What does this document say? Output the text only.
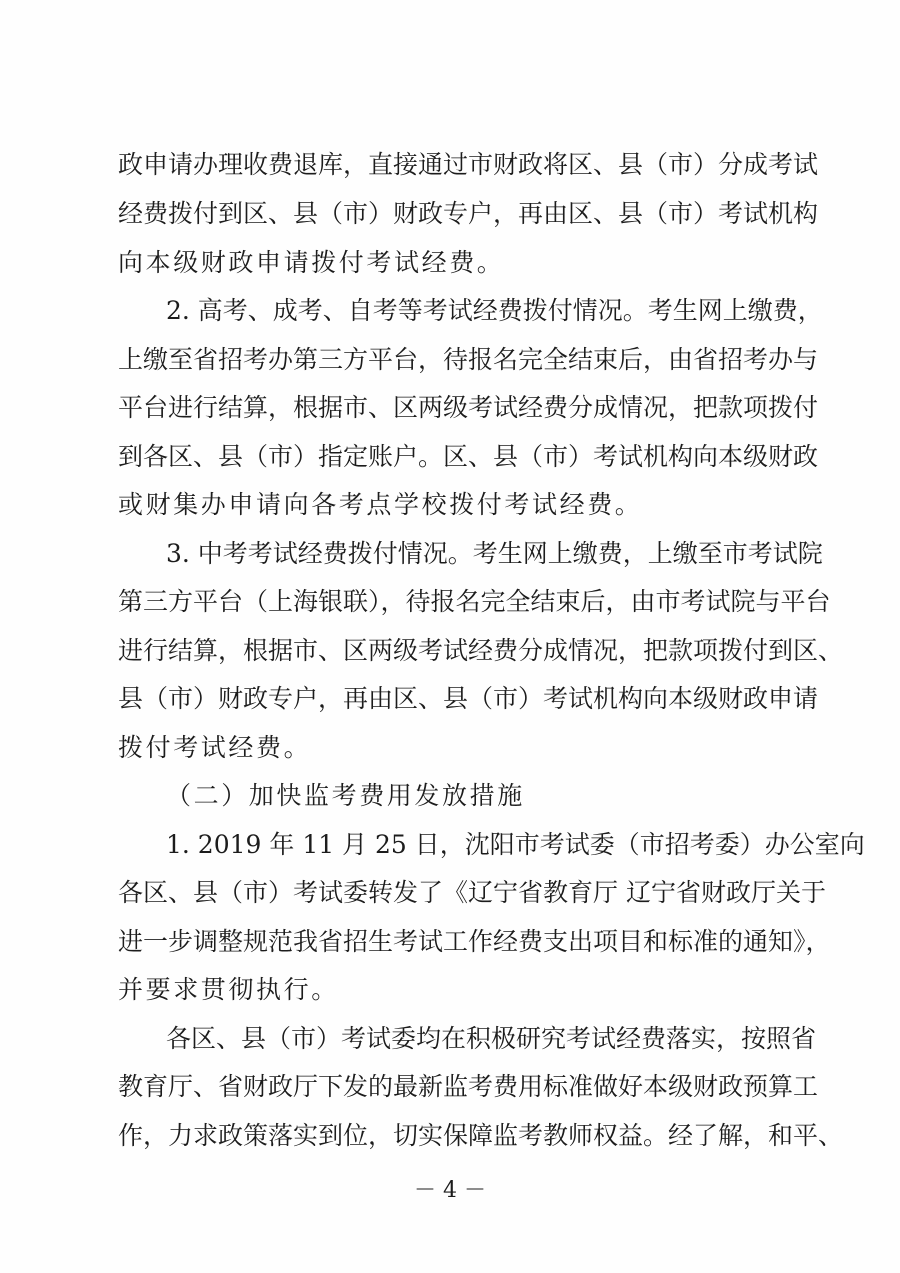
政申请办理收费退库，直接通过市财政将区、县（市）分成考试
经费拨付到区、县（市）财政专户，再由区、县（市）考试机构
向本级财政申请拨付考试经费。
2. 高考、成考、自考等考试经费拨付情况。考生网上缴费，
上缴至省招考办第三方平台，待报名完全结束后，由省招考办与
平台进行结算，根据市、区两级考试经费分成情况，把款项拨付
到各区、县（市）指定账户。区、县（市）考试机构向本级财政
或财集办申请向各考点学校拨付考试经费。
3. 中考考试经费拨付情况。考生网上缴费，上缴至市考试院
第三方平台（上海银联），待报名完全结束后，由市考试院与平台
进行结算，根据市、区两级考试经费分成情况，把款项拨付到区、
县（市）财政专户，再由区、县（市）考试机构向本级财政申请
拨付考试经费。
（二）加快监考费用发放措施
1. 2019 年 11 月 25 日，沈阳市考试委（市招考委）办公室向
各区、县（市）考试委转发了《辽宁省教育厅 辽宁省财政厅关于
进一步调整规范我省招生考试工作经费支出项目和标准的通知》，
并要求贯彻执行。
各区、县（市）考试委均在积极研究考试经费落实，按照省
教育厅、省财政厅下发的最新监考费用标准做好本级财政预算工
作，力求政策落实到位，切实保障监考教师权益。经了解，和平、
－ 4 －
